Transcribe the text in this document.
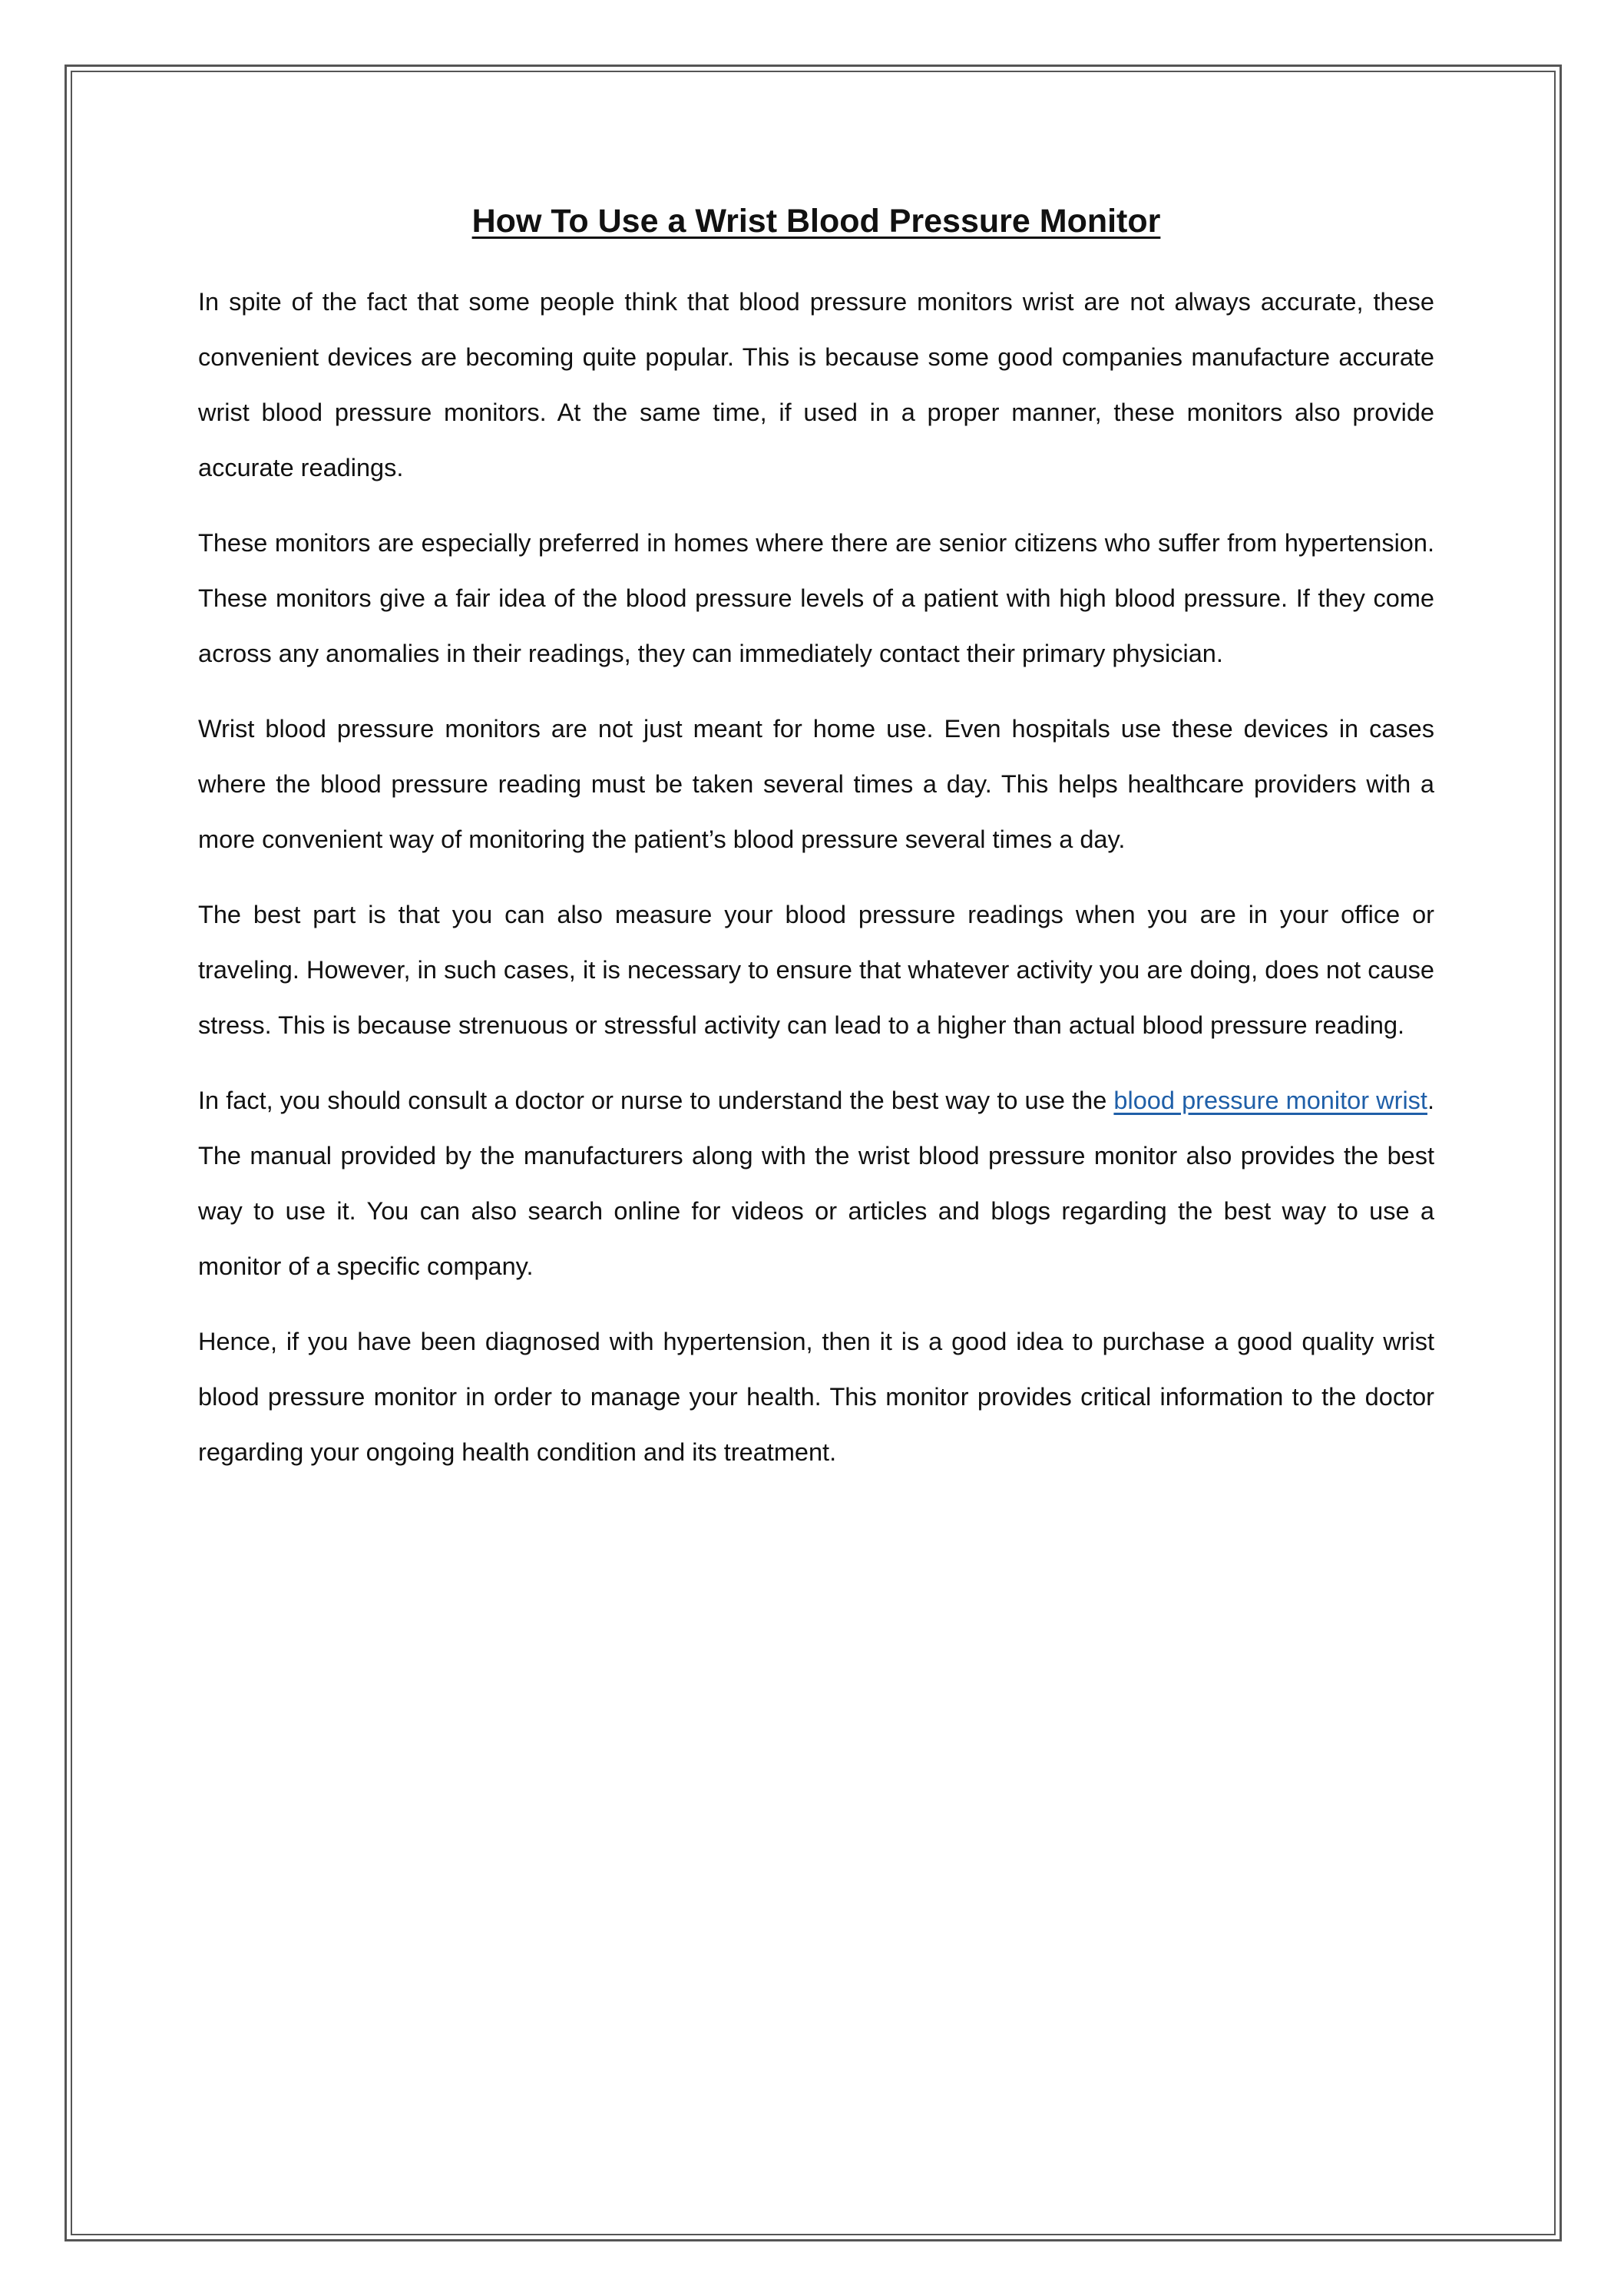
How To Use a Wrist Blood Pressure Monitor

In spite of the fact that some people think that blood pressure monitors wrist are not always accurate, these convenient devices are becoming quite popular. This is because some good companies manufacture accurate wrist blood pressure monitors. At the same time, if used in a proper manner, these monitors also provide accurate readings.

These monitors are especially preferred in homes where there are senior citizens who suffer from hypertension. These monitors give a fair idea of the blood pressure levels of a patient with high blood pressure. If they come across any anomalies in their readings, they can immediately contact their primary physician.

Wrist blood pressure monitors are not just meant for home use. Even hospitals use these devices in cases where the blood pressure reading must be taken several times a day. This helps healthcare providers with a more convenient way of monitoring the patient’s blood pressure several times a day.

The best part is that you can also measure your blood pressure readings when you are in your office or traveling. However, in such cases, it is necessary to ensure that whatever activity you are doing, does not cause stress. This is because strenuous or stressful activity can lead to a higher than actual blood pressure reading.

In fact, you should consult a doctor or nurse to understand the best way to use the blood pressure monitor wrist. The manual provided by the manufacturers along with the wrist blood pressure monitor also provides the best way to use it. You can also search online for videos or articles and blogs regarding the best way to use a monitor of a specific company.

Hence, if you have been diagnosed with hypertension, then it is a good idea to purchase a good quality wrist blood pressure monitor in order to manage your health. This monitor provides critical information to the doctor regarding your ongoing health condition and its treatment.
